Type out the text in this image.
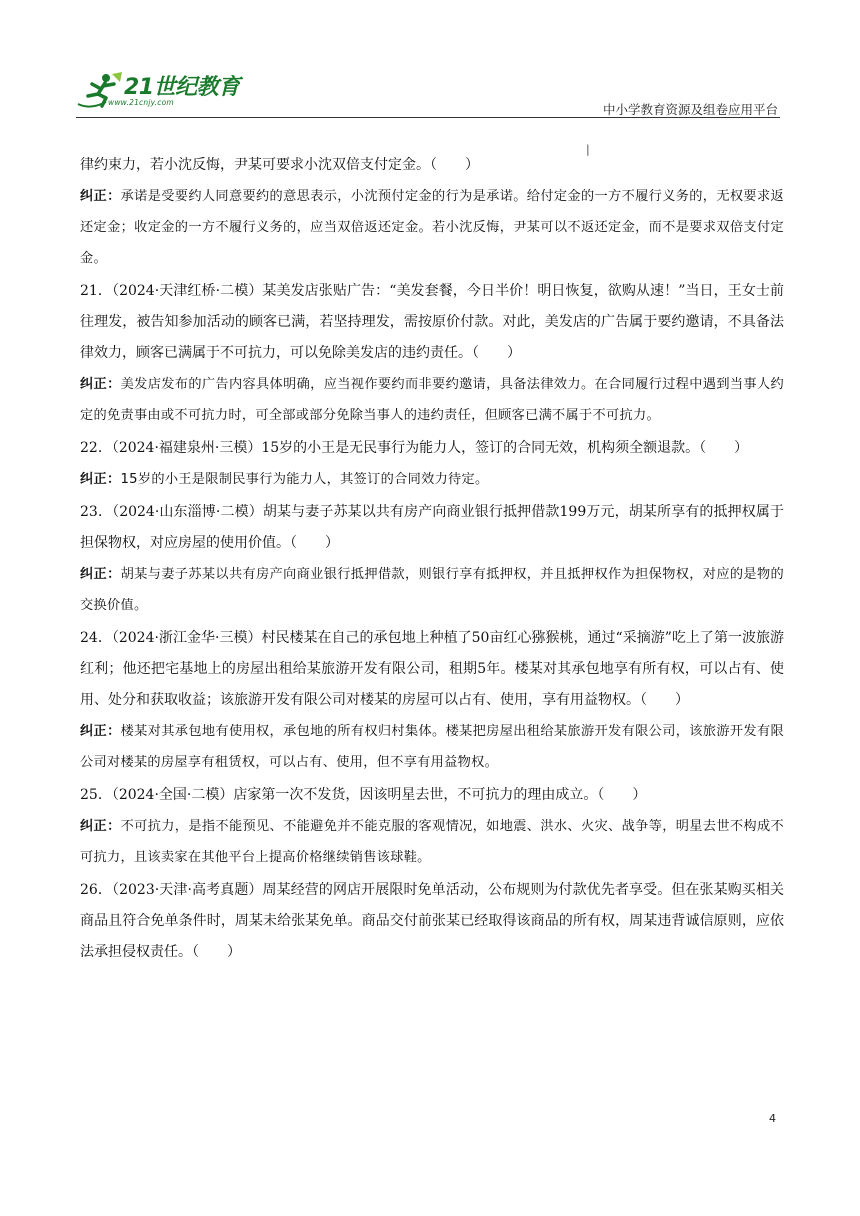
21世纪教育
www.21cnjy.com	中小学教育资源及组卷应用平台
|

律约束力，若小沈反悔，尹某可要求小沈双倍支付定金。（　　）

纠正：承诺是受要约人同意要约的意思表示，小沈预付定金的行为是承诺。给付定金的一方不履行义务的，无权要求返还定金；收定金的一方不履行义务的，应当双倍返还定金。若小沈反悔，尹某可以不返还定金，而不是要求双倍支付定金。

21．（2024·天津红桥·二模）某美发店张贴广告：“美发套餐，今日半价！明日恢复，欲购从速！”当日，王女士前往理发，被告知参加活动的顾客已满，若坚持理发，需按原价付款。对此，美发店的广告属于要约邀请，不具备法律效力，顾客已满属于不可抗力，可以免除美发店的违约责任。（　　）

纠正：美发店发布的广告内容具体明确，应当视作要约而非要约邀请，具备法律效力。在合同履行过程中遇到当事人约定的免责事由或不可抗力时，可全部或部分免除当事人的违约责任，但顾客已满不属于不可抗力。

22．（2024·福建泉州·三模）15岁的小王是无民事行为能力人，签订的合同无效，机构须全额退款。（　　）

纠正：15岁的小王是限制民事行为能力人，其签订的合同效力待定。

23．（2024·山东淄博·二模）胡某与妻子苏某以共有房产向商业银行抵押借款199万元，胡某所享有的抵押权属于担保物权，对应房屋的使用价值。（　　）

纠正：胡某与妻子苏某以共有房产向商业银行抵押借款，则银行享有抵押权，并且抵押权作为担保物权，对应的是物的交换价值。

24．（2024·浙江金华·三模）村民楼某在自己的承包地上种植了50亩红心猕猴桃，通过“采摘游”吃上了第一波旅游红利；他还把宅基地上的房屋出租给某旅游开发有限公司，租期5年。楼某对其承包地享有所有权，可以占有、使用、处分和获取收益；该旅游开发有限公司对楼某的房屋可以占有、使用，享有用益物权。（　　）

纠正：楼某对其承包地有使用权，承包地的所有权归村集体。楼某把房屋出租给某旅游开发有限公司，该旅游开发有限公司对楼某的房屋享有租赁权，可以占有、使用，但不享有用益物权。

25．（2024·全国·二模）店家第一次不发货，因该明星去世，不可抗力的理由成立。（　　）

纠正：不可抗力，是指不能预见、不能避免并不能克服的客观情况，如地震、洪水、火灾、战争等，明星去世不构成不可抗力，且该卖家在其他平台上提高价格继续销售该球鞋。

26．（2023·天津·高考真题）周某经营的网店开展限时免单活动，公布规则为付款优先者享受。但在张某购买相关商品且符合免单条件时，周某未给张某免单。商品交付前张某已经取得该商品的所有权，周某违背诚信原则，应依法承担侵权责任。（　　）

4
